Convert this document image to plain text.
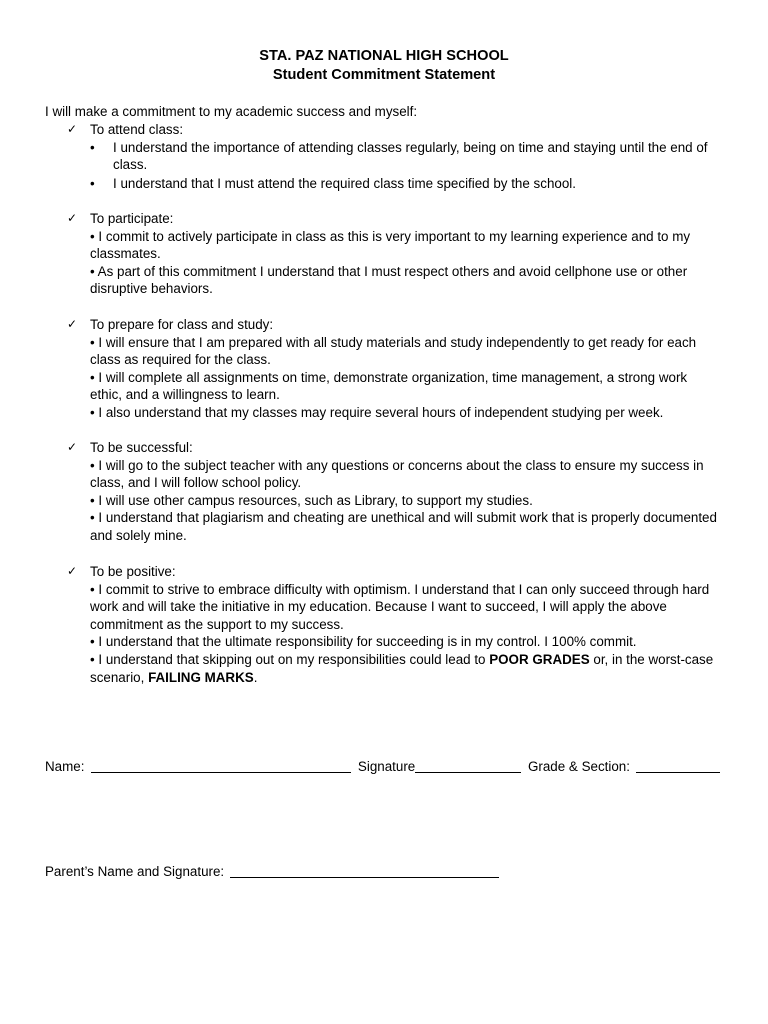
STA. PAZ NATIONAL HIGH SCHOOL
Student Commitment Statement
I will make a commitment to my academic success and myself:
✓ To attend class:
• I understand the importance of attending classes regularly, being on time and staying until the end of class.
• I understand that I must attend the required class time specified by the school.
✓ To participate:
• I commit to actively participate in class as this is very important to my learning experience and to my classmates.
• As part of this commitment I understand that I must respect others and avoid cellphone use or other disruptive behaviors.
✓ To prepare for class and study:
• I will ensure that I am prepared with all study materials and study independently to get ready for each class as required for the class.
• I will complete all assignments on time, demonstrate organization, time management, a strong work ethic, and a willingness to learn.
• I also understand that my classes may require several hours of independent studying per week.
✓ To be successful:
• I will go to the subject teacher with any questions or concerns about the class to ensure my success in class, and I will follow school policy.
• I will use other campus resources, such as Library, to support my studies.
• I understand that plagiarism and cheating are unethical and will submit work that is properly documented and solely mine.
✓ To be positive:
• I commit to strive to embrace difficulty with optimism. I understand that I can only succeed through hard work and will take the initiative in my education. Because I want to succeed, I will apply the above commitment as the support to my success.
• I understand that the ultimate responsibility for succeeding is in my control. I 100% commit.
• I understand that skipping out on my responsibilities could lead to POOR GRADES or, in the worst-case scenario, FAILING MARKS.
Name:	Signature	Grade & Section:
Parent’s Name and Signature:
